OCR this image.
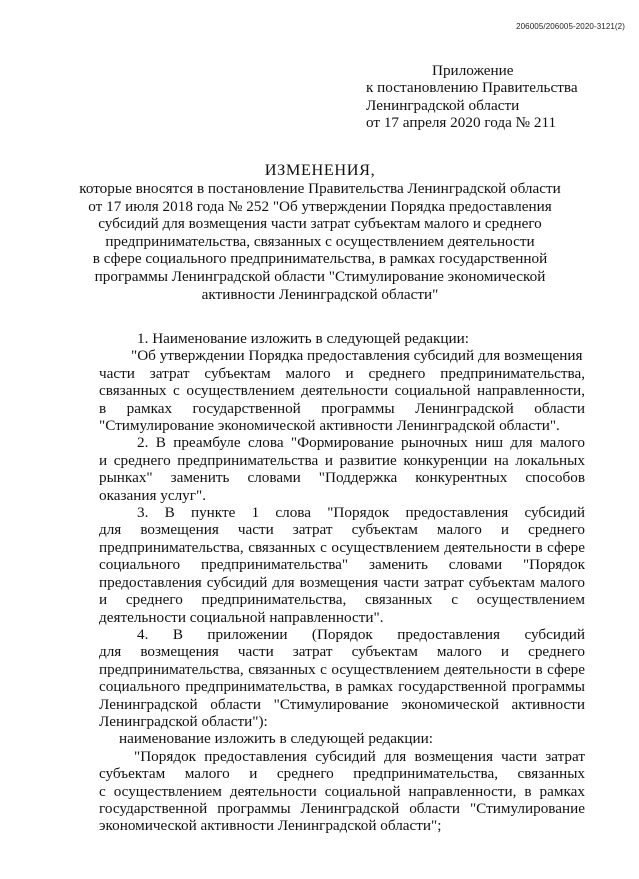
206005/206005-2020-3121(2)
Приложение
к постановлению Правительства
Ленинградской области
от 17 апреля 2020 года № 211
ИЗМЕНЕНИЯ,
которые вносятся в постановление Правительства Ленинградской области
от 17 июля 2018 года № 252 "Об утверждении Порядка предоставления
субсидий для возмещения части затрат субъектам малого и среднего
предпринимательства, связанных с осуществлением деятельности
в сфере социального предпринимательства, в рамках государственной
программы Ленинградской области "Стимулирование экономической
активности Ленинградской области"
1. Наименование изложить в следующей редакции:
"Об утверждении Порядка предоставления субсидий для возмещения
части затрат субъектам малого и среднего предпринимательства,
связанных с осуществлением деятельности социальной направленности,
в рамках государственной программы Ленинградской области
"Стимулирование экономической активности Ленинградской области".
2. В преамбуле слова "Формирование рыночных ниш для малого
и среднего предпринимательства и развитие конкуренции на локальных
рынках" заменить словами "Поддержка конкурентных способов
оказания услуг".
3. В пункте 1 слова "Порядок предоставления субсидий
для возмещения части затрат субъектам малого и среднего
предпринимательства, связанных с осуществлением деятельности в сфере
социального предпринимательства" заменить словами "Порядок
предоставления субсидий для возмещения части затрат субъектам малого
и среднего предпринимательства, связанных с осуществлением
деятельности социальной направленности".
4. В приложении (Порядок предоставления субсидий
для возмещения части затрат субъектам малого и среднего
предпринимательства, связанных с осуществлением деятельности в сфере
социального предпринимательства, в рамках государственной программы
Ленинградской области "Стимулирование экономической активности
Ленинградской области"):
наименование изложить в следующей редакции:
"Порядок предоставления субсидий для возмещения части затрат
субъектам малого и среднего предпринимательства, связанных
с осуществлением деятельности социальной направленности, в рамках
государственной программы Ленинградской области "Стимулирование
экономической активности Ленинградской области";
